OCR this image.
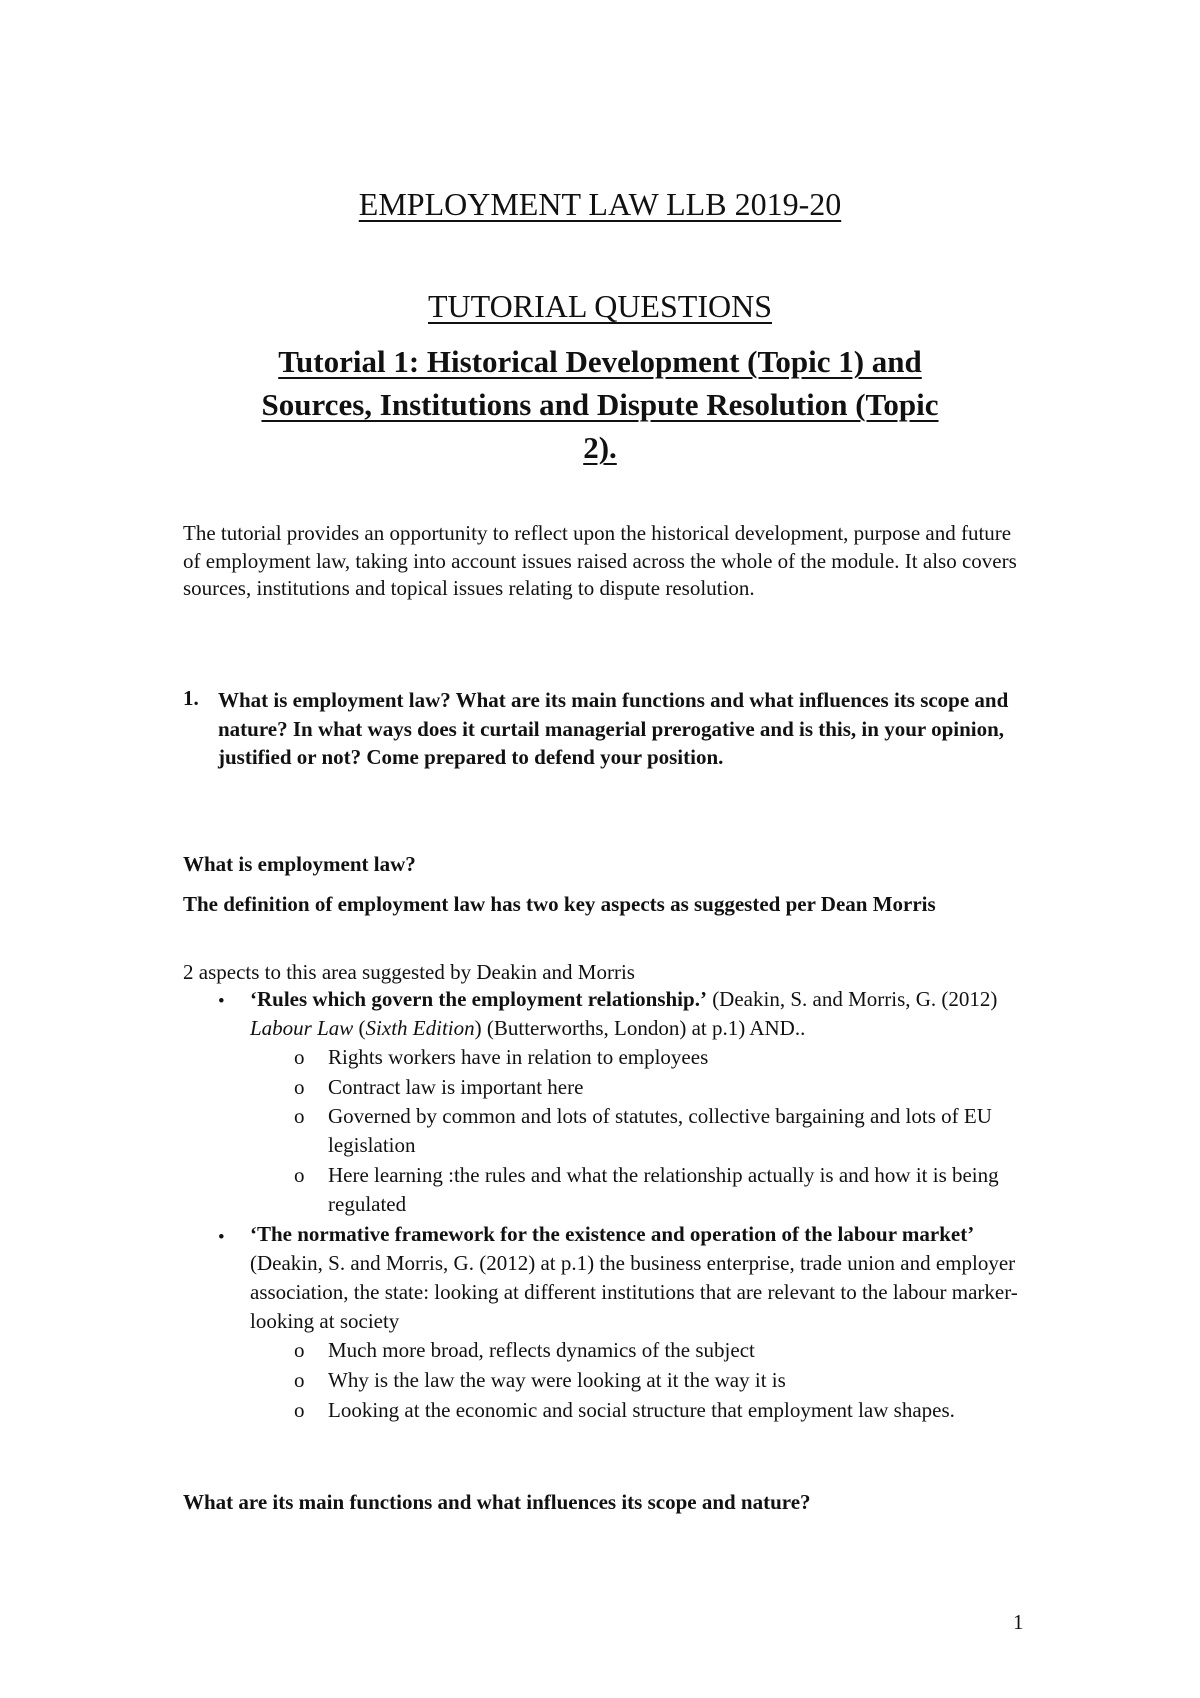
EMPLOYMENT LAW LLB 2019-20
TUTORIAL QUESTIONS
Tutorial 1: Historical Development (Topic 1) and
Sources, Institutions and Dispute Resolution (Topic
2).
The tutorial provides an opportunity to reflect upon the historical development, purpose and future of employment law, taking into account issues raised across the whole of the module. It also covers sources, institutions and topical issues relating to dispute resolution.
1. What is employment law? What are its main functions and what influences its scope and nature? In what ways does it curtail managerial prerogative and is this, in your opinion, justified or not? Come prepared to defend your position.
What is employment law?
The definition of employment law has two key aspects as suggested per Dean Morris
2 aspects to this area suggested by Deakin and Morris
• ‘Rules which govern the employment relationship.’ (Deakin, S. and Morris, G. (2012) Labour Law (Sixth Edition) (Butterworths, London) at p.1) AND..
o Rights workers have in relation to employees
o Contract law is important here
o Governed by common and lots of statutes, collective bargaining and lots of EU legislation
o Here learning :the rules and what the relationship actually is and how it is being regulated
• ‘The normative framework for the existence and operation of the labour market’ (Deakin, S. and Morris, G. (2012) at p.1) the business enterprise, trade union and employer association, the state: looking at different institutions that are relevant to the labour marker- looking at society
o Much more broad, reflects dynamics of the subject
o Why is the law the way were looking at it the way it is
o Looking at the economic and social structure that employment law shapes.
What are its main functions and what influences its scope and nature?
1
